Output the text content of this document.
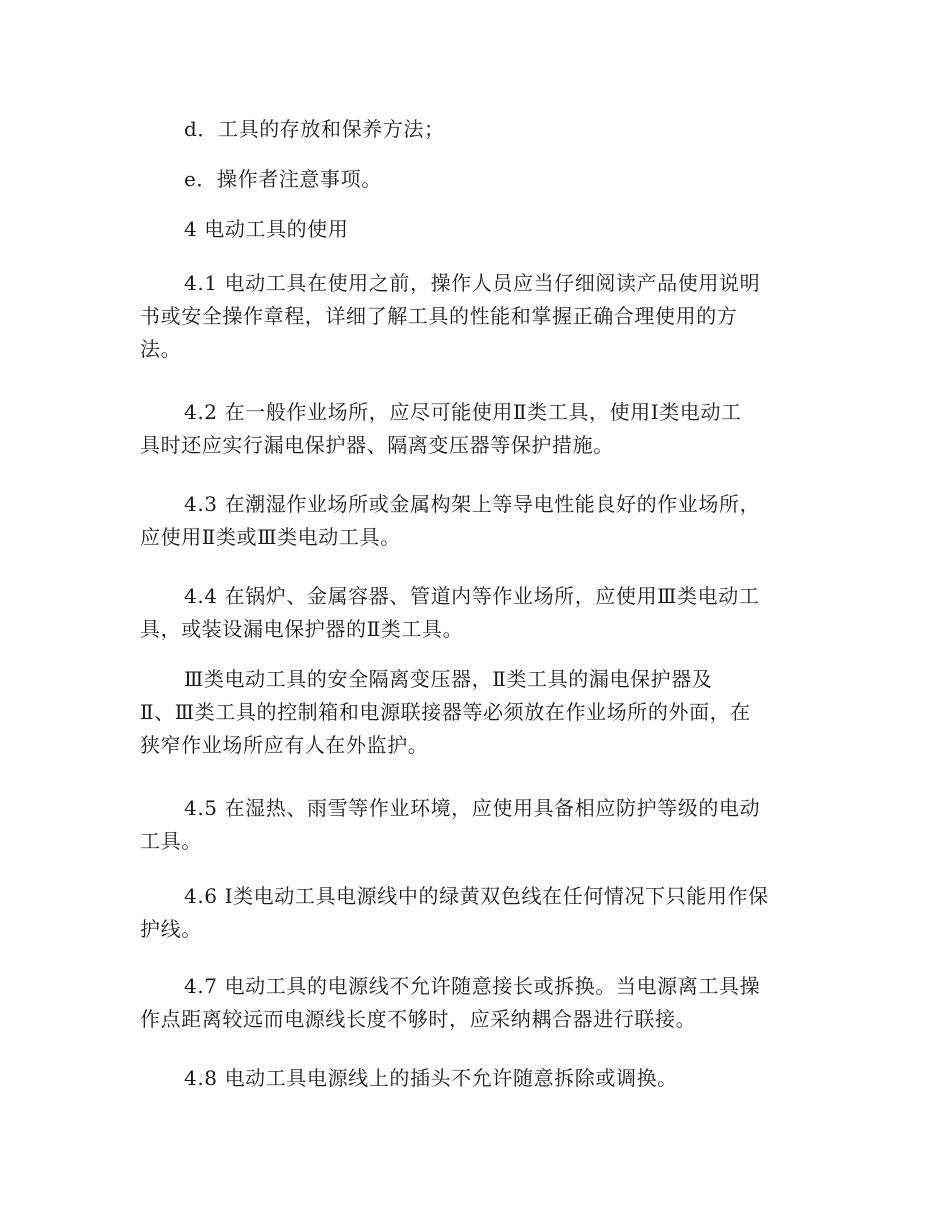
d．工具的存放和保养方法；
e．操作者注意事项。
4 电动工具的使用
4.1 电动工具在使用之前，操作人员应当仔细阅读产品使用说明
书或安全操作章程，详细了解工具的性能和掌握正确合理使用的方
法。
4.2 在一般作业场所，应尽可能使用Ⅱ类工具，使用Ⅰ类电动工
具时还应实行漏电保护器、隔离变压器等保护措施。
4.3 在潮湿作业场所或金属构架上等导电性能良好的作业场所，
应使用Ⅱ类或Ⅲ类电动工具。
4.4 在锅炉、金属容器、管道内等作业场所，应使用Ⅲ类电动工
具，或装设漏电保护器的Ⅱ类工具。
Ⅲ类电动工具的安全隔离变压器，Ⅱ类工具的漏电保护器及
Ⅱ、Ⅲ类工具的控制箱和电源联接器等必须放在作业场所的外面，在
狭窄作业场所应有人在外监护。
4.5 在湿热、雨雪等作业环境，应使用具备相应防护等级的电动
工具。
4.6 Ⅰ类电动工具电源线中的绿黄双色线在任何情况下只能用作保
护线。
4.7 电动工具的电源线不允许随意接长或拆换。当电源离工具操
作点距离较远而电源线长度不够时，应采纳耦合器进行联接。
4.8 电动工具电源线上的插头不允许随意拆除或调换。
